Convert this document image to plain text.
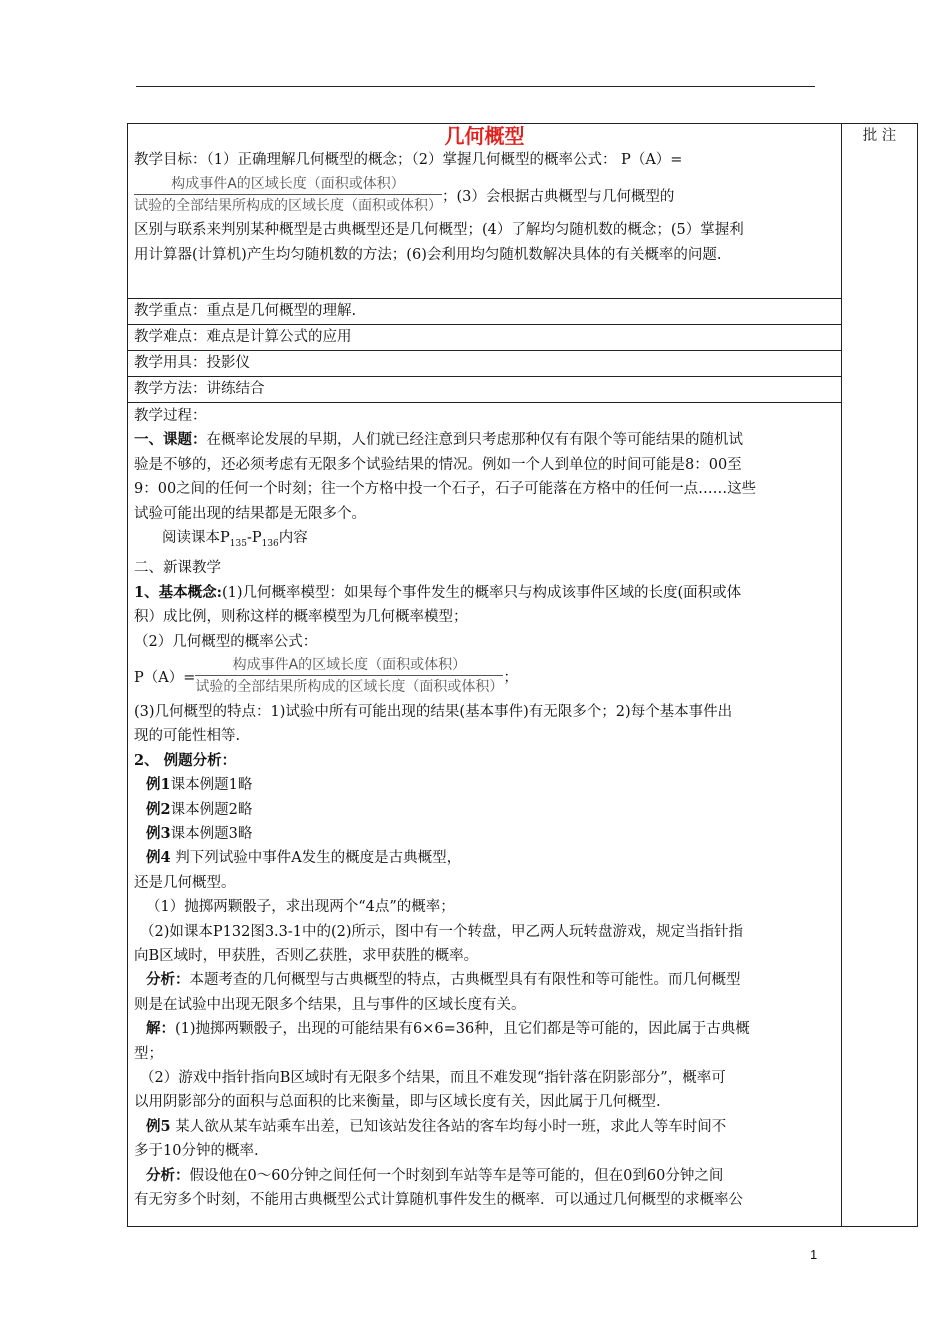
几何概型
教学目标：（1）正确理解几何概型的概念；（2）掌握几何概型的概率公式： P（A）=
$\frac{\text{构成事件A的区域长度（面积或体积）}}{\text{试验的全部结果所构成的区域长度（面积或体积）}}$ ；(3）会根据古典概型与几何概型的
区别与联系来判别某种概型是古典概型还是几何概型；(4）了解均匀随机数的概念；(5）掌握利
用计算器(计算机)产生均匀随机数的方法；(6)会利用均匀随机数解决具体的有关概率的问题.
	批 注
教学重点：重点是几何概型的理解.
教学难点：难点是计算公式的应用
教学用具：投影仪
教学方法：讲练结合

教学过程：
一、课题：在概率论发展的早期，人们就已经注意到只考虑那种仅有有限个等可能结果的随机试
验是不够的，还必须考虑有无限多个试验结果的情况。例如一个人到单位的时间可能是8：00至
9：00之间的任何一个时刻；往一个方格中投一个石子，石子可能落在方格中的任何一点……这些
试验可能出现的结果都是无限多个。
阅读课本$P_{135}-P_{136}$内容
二、新课教学
1、基本概念:(1)几何概率模型：如果每个事件发生的概率只与构成该事件区域的长度(面积或体
积）成比例，则称这样的概率模型为几何概率模型；
（2）几何概型的概率公式：
$P(A)= \frac{\text{构成事件A的区域长度（面积或体积）}}{\text{试验的全部结果所构成的区域长度（面积或体积）}}$ ；
(3)几何概型的特点：1)试验中所有可能出现的结果(基本事件)有无限多个；2)每个基本事件出
现的可能性相等.
2、 例题分析：
例1课本例题1略
例2课本例题2略
例3课本例题3略
例4 判下列试验中事件A发生的概度是古典概型，
还是几何概型。
（1）抛掷两颗骰子，求出现两个“4点”的概率；
（2)如课本P132图3.3-1中的(2)所示，图中有一个转盘，甲乙两人玩转盘游戏，规定当指针指
向B区域时，甲获胜，否则乙获胜，求甲获胜的概率。
分析：本题考查的几何概型与古典概型的特点，古典概型具有有限性和等可能性。而几何概型
则是在试验中出现无限多个结果，且与事件的区域长度有关。
解：(1)抛掷两颗骰子，出现的可能结果有6×6=36种，且它们都是等可能的，因此属于古典概
型；
（2）游戏中指针指向B区域时有无限多个结果，而且不难发现“指针落在阴影部分”，概率可
以用阴影部分的面积与总面积的比来衡量，即与区域长度有关，因此属于几何概型.
例5 某人欲从某车站乘车出差，已知该站发往各站的客车均每小时一班，求此人等车时间不
多于10分钟的概率.
分析：假设他在0～60分钟之间任何一个时刻到车站等车是等可能的，但在0到60分钟之间
有无穷多个时刻，不能用古典概型公式计算随机事件发生的概率．可以通过几何概型的求概率公
1
